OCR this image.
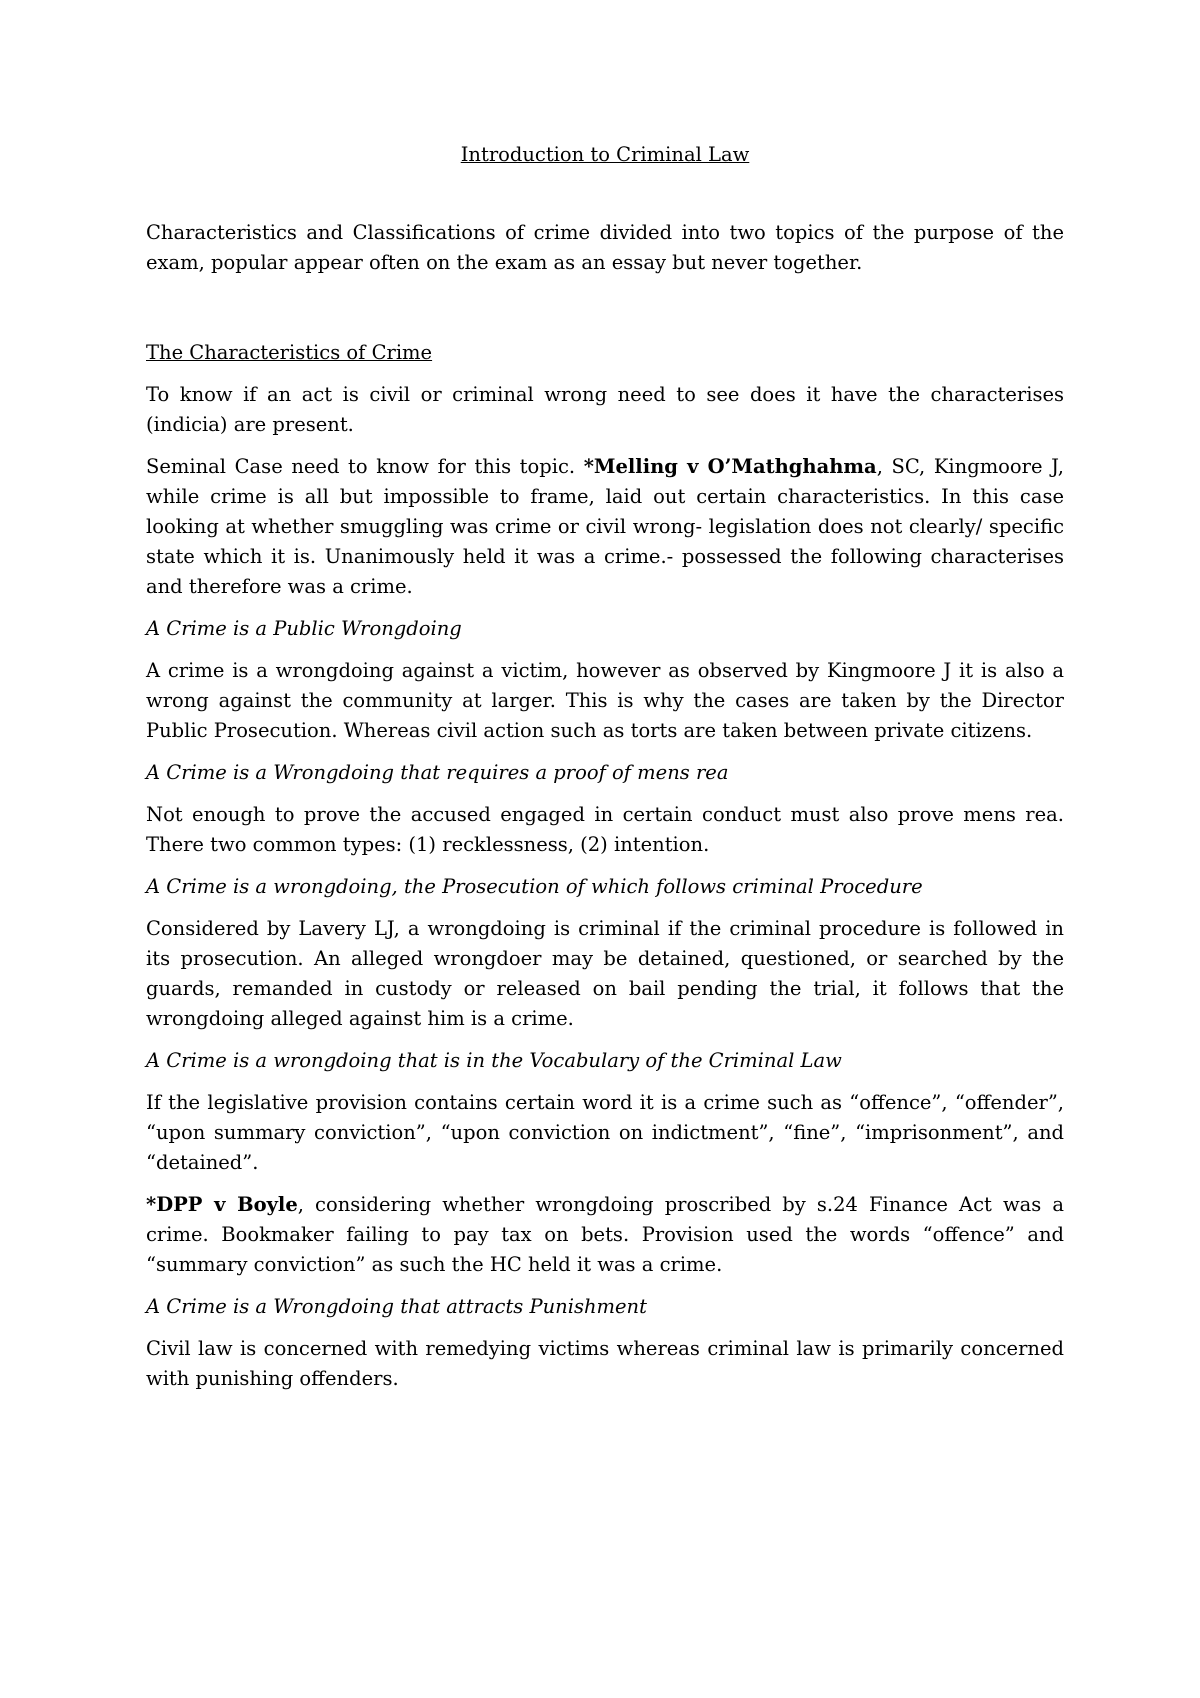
Introduction to Criminal Law

Characteristics and Classifications of crime divided into two topics of the purpose of the exam, popular appear often on the exam as an essay but never together.

The Characteristics of Crime

To know if an act is civil or criminal wrong need to see does it have the characterises (indicia) are present.

Seminal Case need to know for this topic. *Melling v O’Mathghahma, SC, Kingmoore J, while crime is all but impossible to frame, laid out certain characteristics. In this case looking at whether smuggling was crime or civil wrong- legislation does not clearly/ specific state which it is. Unanimously held it was a crime.- possessed the following characterises and therefore was a crime.

A Crime is a Public Wrongdoing

A crime is a wrongdoing against a victim, however as observed by Kingmoore J it is also a wrong against the community at larger. This is why the cases are taken by the Director Public Prosecution. Whereas civil action such as torts are taken between private citizens.

A Crime is a Wrongdoing that requires a proof of mens rea

Not enough to prove the accused engaged in certain conduct must also prove mens rea. There two common types: (1) recklessness, (2) intention.

A Crime is a wrongdoing, the Prosecution of which follows criminal Procedure

Considered by Lavery LJ, a wrongdoing is criminal if the criminal procedure is followed in its prosecution. An alleged wrongdoer may be detained, questioned, or searched by the guards, remanded in custody or released on bail pending the trial, it follows that the wrongdoing alleged against him is a crime.

A Crime is a wrongdoing that is in the Vocabulary of the Criminal Law

If the legislative provision contains certain word it is a crime such as “offence”, “offender”, “upon summary conviction”, “upon conviction on indictment”, “fine”, “imprisonment”, and “detained”.

*DPP v Boyle, considering whether wrongdoing proscribed by s.24 Finance Act was a crime. Bookmaker failing to pay tax on bets. Provision used the words “offence” and “summary conviction” as such the HC held it was a crime.

A Crime is a Wrongdoing that attracts Punishment

Civil law is concerned with remedying victims whereas criminal law is primarily concerned with punishing offenders.
